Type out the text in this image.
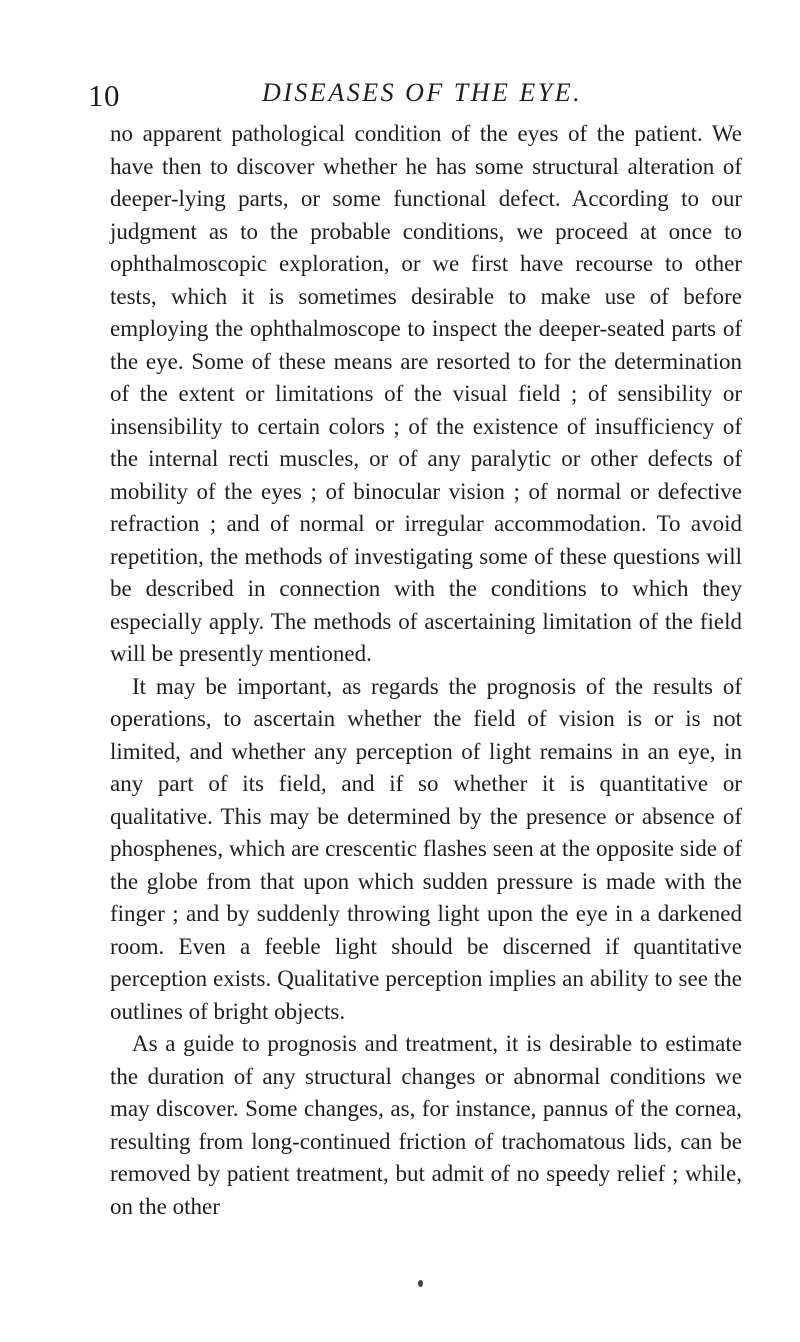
10	DISEASES OF THE EYE.

no apparent pathological condition of the eyes of the patient. We have then to discover whether he has some structural alteration of deeper-lying parts, or some functional defect. According to our judgment as to the probable conditions, we proceed at once to ophthalmoscopic exploration, or we first have recourse to other tests, which it is sometimes desirable to make use of before employing the ophthalmoscope to inspect the deeper-seated parts of the eye. Some of these means are resorted to for the determination of the extent or limitations of the visual field ; of sensibility or insensibility to certain colors ; of the existence of insufficiency of the internal recti muscles, or of any paralytic or other defects of mobility of the eyes ; of binocular vision ; of normal or defective refraction ; and of normal or irregular accommodation. To avoid repetition, the methods of investigating some of these questions will be described in connection with the conditions to which they especially apply. The methods of ascertaining limitation of the field will be presently mentioned.

It may be important, as regards the prognosis of the results of operations, to ascertain whether the field of vision is or is not limited, and whether any perception of light remains in an eye, in any part of its field, and if so whether it is quantitative or qualitative. This may be determined by the presence or absence of phosphenes, which are crescentic flashes seen at the opposite side of the globe from that upon which sudden pressure is made with the finger ; and by suddenly throwing light upon the eye in a darkened room. Even a feeble light should be discerned if quantitative perception exists. Qualitative perception implies an ability to see the outlines of bright objects.

As a guide to prognosis and treatment, it is desirable to estimate the duration of any structural changes or abnormal conditions we may discover. Some changes, as, for instance, pannus of the cornea, resulting from long-continued friction of trachomatous lids, can be removed by patient treatment, but admit of no speedy relief ; while, on the other
